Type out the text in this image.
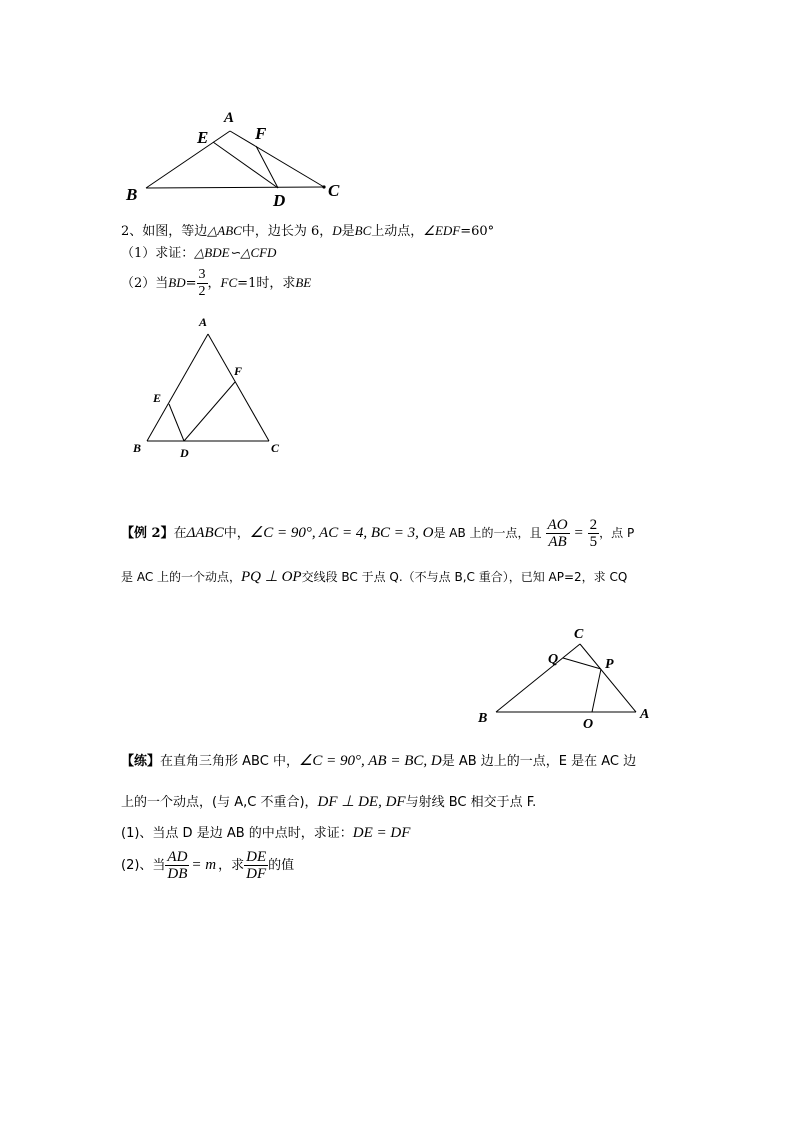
A
E	F
B	D
C
2、如图，等边△ABC中，边长为 6，D是BC上动点，∠EDF=60°
（1）求证：△BDE∽△CFD
（2）当$BD= \frac{3}{2}$ ，FC=1时，求BE
A
F
E
B	D	C
【例 2】在ΔABC中，∠C = 90°, AC = 4, BC = 3, O是 AB 上的一点，且 $\frac{AO}{AB} = \frac{2}{5}$ ，点 P
是 AC 上的一个动点，PQ ⊥ OP交线段 BC 于点 Q.（不与点 B,C 重合），已知 AP=2，求 CQ
C
Q	P
B	O
A
【练】在直角三角形 ABC 中，∠C = 90°, AB = BC, D是 AB 边上的一点，E 是在 AC 边
上的一个动点，(与 A,C 不重合)，DF ⊥ DE, DF与射线 BC 相交于点 F.
(1)、当点 D 是边 AB 的中点时，求证：DE = DF
(2)、当 $\frac{AD}{DB} = m$ ，求 $\frac{DE}{DF}$ 的值
